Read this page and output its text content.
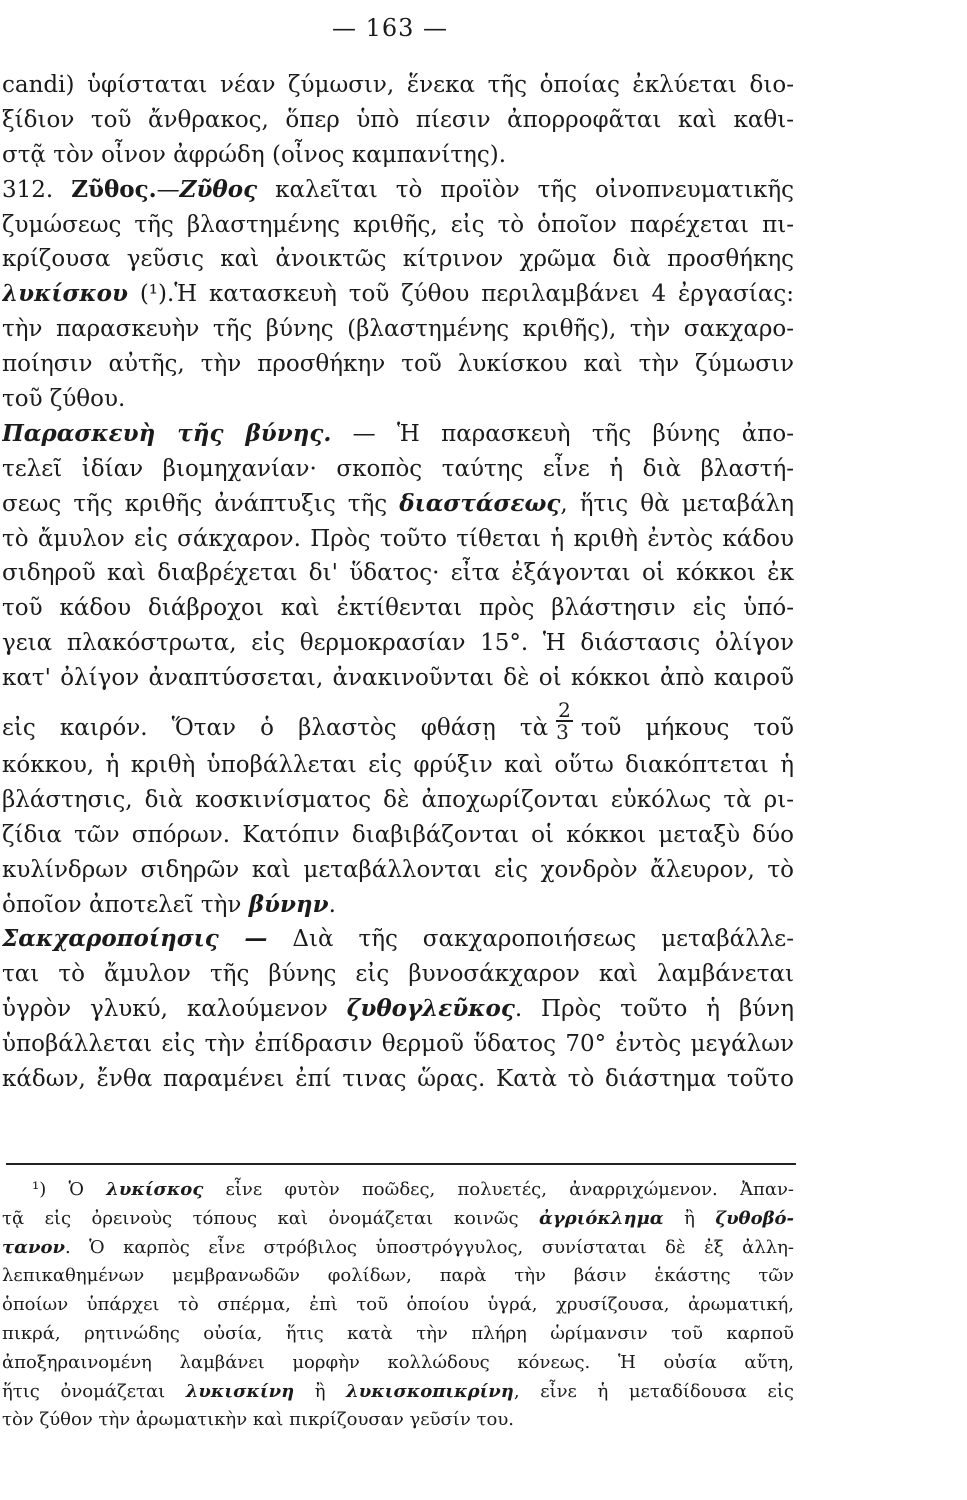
— 163 —
candi) ὑφίσταται νέαν ζύμωσιν, ἕνεκα τῆς ὁποίας ἐκλύεται διο-
ξίδιον τοῦ ἄνθρακος, ὅπερ ὑπὸ πίεσιν ἀπορροφᾶται καὶ καθι-
στᾷ τὸν οἶνον ἀφρώδη (οἶνος καμπανίτης).
312. Ζῦθος.—Ζῦθος καλεῖται τὸ προϊὸν τῆς οἰνοπνευματικῆς
ζυμώσεως τῆς βλαστημένης κριθῆς, εἰς τὸ ὁποῖον παρέχεται πι-
κρίζουσα γεῦσις καὶ ἀνοικτῶς κίτρινον χρῶμα διὰ προσθήκης
λυκίσκου (¹).Ἡ κατασκευὴ τοῦ ζύθου περιλαμβάνει 4 ἐργασίας:
τὴν παρασκευὴν τῆς βύνης (βλαστημένης κριθῆς), τὴν σακχαρο-
ποίησιν αὐτῆς, τὴν προσθήκην τοῦ λυκίσκου καὶ τὴν ζύμωσιν
τοῦ ζύθου.
Παρασκευὴ τῆς βύνης. — Ἡ παρασκευὴ τῆς βύνης ἀπο-
τελεῖ ἰδίαν βιομηχανίαν· σκοπὸς ταύτης εἶνε ἡ διὰ βλαστή-
σεως τῆς κριθῆς ἀνάπτυξις τῆς διαστάσεως, ἥτις θὰ μεταβάλη
τὸ ἄμυλον εἰς σάκχαρον. Πρὸς τοῦτο τίθεται ἡ κριθὴ ἐντὸς κάδου
σιδηροῦ καὶ διαβρέχεται δι' ὕδατος· εἶτα ἐξάγονται οἱ κόκκοι ἐκ
τοῦ κάδου διάβροχοι καὶ ἐκτίθενται πρὸς βλάστησιν εἰς ὑπό-
γεια πλακόστρωτα, εἰς θερμοκρασίαν 15°. Ἡ διάστασις ὀλίγον
κατ' ὀλίγον ἀναπτύσσεται, ἀνακινοῦνται δὲ οἱ κόκκοι ἀπὸ καιροῦ
εἰς καιρόν. Ὅταν ὁ βλαστὸς φθάσῃ τὰ $\frac{2}{3}$ τοῦ μήκους τοῦ
κόκκου, ἡ κριθὴ ὑποβάλλεται εἰς φρύξιν καὶ οὕτω διακόπτεται ἡ
βλάστησις, διὰ κοσκινίσματος δὲ ἀποχωρίζονται εὐκόλως τὰ ρι-
ζίδια τῶν σπόρων. Κατόπιν διαβιβάζονται οἱ κόκκοι μεταξὺ δύο
κυλίνδρων σιδηρῶν καὶ μεταβάλλονται εἰς χονδρὸν ἄλευρον, τὸ
ὁποῖον ἀποτελεῖ τὴν βύνην.
Σακχαροποίησις — Διὰ τῆς σακχαροποιήσεως μεταβάλλε-
ται τὸ ἄμυλον τῆς βύνης εἰς βυνοσάκχαρον καὶ λαμβάνεται
ὑγρὸν γλυκύ, καλούμενον ζυθογλεῦκος. Πρὸς τοῦτο ἡ βύνη
ὑποβάλλεται εἰς τὴν ἐπίδρασιν θερμοῦ ὕδατος 70° ἐντὸς μεγάλων
κάδων, ἔνθα παραμένει ἐπί τινας ὥρας. Κατὰ τὸ διάστημα τοῦτο
¹) Ὁ λυκίσκος εἶνε φυτὸν ποῶδες, πολυετές, ἀναρριχώμενον. Ἀπαν-
τᾷ εἰς ὀρεινοὺς τόπους καὶ ὀνομάζεται κοινῶς ἀγριόκλημα ἢ ζυθοβό-
τανον. Ὁ καρπὸς εἶνε στρόβιλος ὑποστρόγγυλος, συνίσταται δὲ ἐξ ἀλλη-
λεπικαθημένων μεμβρανωδῶν φολίδων, παρὰ τὴν βάσιν ἑκάστης τῶν
ὁποίων ὑπάρχει τὸ σπέρμα, ἐπὶ τοῦ ὁποίου ὑγρά, χρυσίζουσα, ἀρωματική,
πικρά, ρητινώδης οὐσία, ἥτις κατὰ τὴν πλήρη ὡρίμανσιν τοῦ καρποῦ
ἀποξηραινομένη λαμβάνει μορφὴν κολλώδους κόνεως. Ἡ οὐσία αὕτη,
ἥτις ὀνομάζεται λυκισκίνη ἢ λυκισκοπικρίνη, εἶνε ἡ μεταδίδουσα εἰς
τὸν ζύθον τὴν ἀρωματικὴν καὶ πικρίζουσαν γεῦσίν του.
